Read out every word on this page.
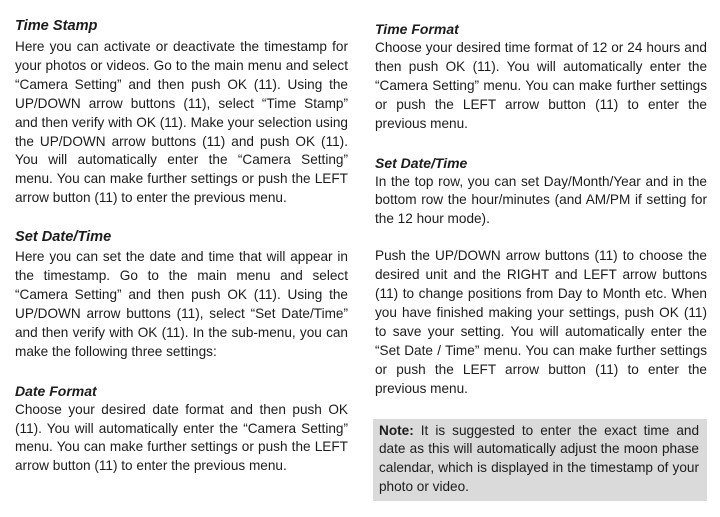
Time Stamp

Here you can activate or deactivate the timestamp for your photos or videos. Go to the main menu and select “Camera Setting” and then push OK (11). Using the UP/DOWN arrow buttons (11), select “Time Stamp” and then verify with OK (11). Make your selection using the UP/DOWN arrow buttons (11) and push OK (11). You will automatically enter the “Camera Setting” menu. You can make further settings or push the LEFT arrow button (11) to enter the previous menu.

Set Date/Time

Here you can set the date and time that will appear in the timestamp. Go to the main menu and select “Camera Setting” and then push OK (11). Using the UP/DOWN arrow buttons (11), select “Set Date/Time” and then verify with OK (11). In the sub-menu, you can make the following three settings:

Date Format

Choose your desired date format and then push OK (11). You will automatically enter the “Camera Setting” menu. You can make further settings or push the LEFT arrow button (11) to enter the previous menu.

Time Format

Choose your desired time format of 12 or 24 hours and then push OK (11). You will automatically enter the “Camera Setting” menu. You can make further settings or push the LEFT arrow button (11) to enter the previous menu.

Set Date/Time

In the top row, you can set Day/Month/Year and in the bottom row the hour/minutes (and AM/PM if setting for the 12 hour mode).

Push the UP/DOWN arrow buttons (11) to choose the desired unit and the RIGHT and LEFT arrow buttons (11) to change positions from Day to Month etc. When you have finished making your settings, push OK (11) to save your setting. You will automatically enter the “Set Date / Time” menu. You can make further settings or push the LEFT arrow button (11) to enter the previous menu.

Note: It is suggested to enter the exact time and date as this will automatically adjust the moon phase calendar, which is displayed in the timestamp of your photo or video.
